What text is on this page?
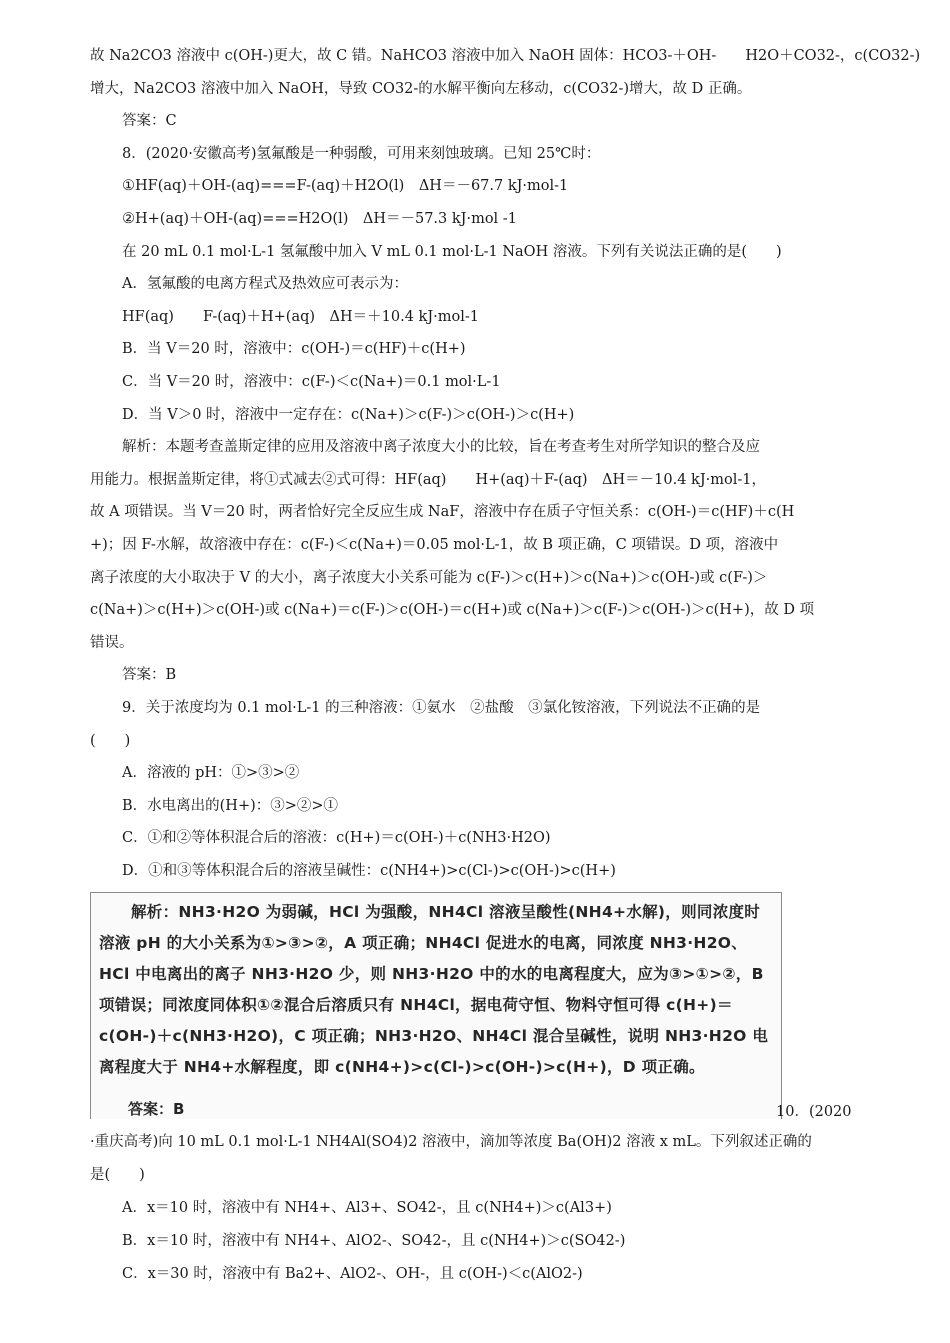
故 Na2CO3 溶液中 c(OH-)更大，故 C 错。NaHCO3 溶液中加入 NaOH 固体：HCO3-＋OH-　　H2O＋CO32-，c(CO32-)
增大，Na2CO3 溶液中加入 NaOH，导致 CO32-的水解平衡向左移动，c(CO32-)增大，故 D 正确。
答案：C
8．(2020·安徽高考)氢氟酸是一种弱酸，可用来刻蚀玻璃。已知 25℃时：
①HF(aq)＋OH-(aq)===F-(aq)＋H2O(l)　ΔH＝－67.7 kJ·mol-1
②H+(aq)＋OH-(aq)===H2O(l)　ΔH＝－57.3 kJ·mol -1
在 20 mL 0.1 mol·L-1 氢氟酸中加入 V mL 0.1 mol·L-1 NaOH 溶液。下列有关说法正确的是(　　)
A．氢氟酸的电离方程式及热效应可表示为：
HF(aq)　　F-(aq)＋H+(aq)　ΔH＝＋10.4 kJ·mol-1
B．当 V＝20 时，溶液中：c(OH-)＝c(HF)＋c(H+)
C．当 V＝20 时，溶液中：c(F-)＜c(Na+)＝0.1 mol·L-1
D．当 V＞0 时，溶液中一定存在：c(Na+)＞c(F-)＞c(OH-)＞c(H+)
解析：本题考查盖斯定律的应用及溶液中离子浓度大小的比较，旨在考查考生对所学知识的整合及应
用能力。根据盖斯定律，将①式减去②式可得：HF(aq)　　H+(aq)＋F-(aq)　ΔH＝－10.4 kJ·mol-1，
故 A 项错误。当 V＝20 时，两者恰好完全反应生成 NaF，溶液中存在质子守恒关系：c(OH-)＝c(HF)＋c(H
+)；因 F-水解，故溶液中存在：c(F-)＜c(Na+)＝0.05 mol·L-1，故 B 项正确，C 项错误。D 项，溶液中
离子浓度的大小取决于 V 的大小，离子浓度大小关系可能为 c(F-)＞c(H+)＞c(Na+)＞c(OH-)或 c(F-)＞
c(Na+)＞c(H+)＞c(OH-)或 c(Na+)＝c(F-)＞c(OH-)＝c(H+)或 c(Na+)＞c(F-)＞c(OH-)＞c(H+)，故 D 项
错误。
答案：B
9．关于浓度均为 0.1 mol·L-1 的三种溶液：①氨水　②盐酸　③氯化铵溶液，下列说法不正确的是
(　　)
A．溶液的 pH：①>③>②
B．水电离出的(H+)：③>②>①
C．①和②等体积混合后的溶液：c(H+)＝c(OH-)＋c(NH3·H2O)
D．①和③等体积混合后的溶液呈碱性：c(NH4+)>c(Cl-)>c(OH-)>c(H+)

解析：NH3·H2O 为弱碱，HCl 为强酸，NH4Cl 溶液呈酸性(NH4+水解)，则同浓度时溶液 pH 的大小关系为①>③>②，A 项正确；NH4Cl 促进水的电离，同浓度 NH3·H2O、HCl 中电离出的离子 NH3·H2O 少，则 NH3·H2O 中的水的电离程度大，应为③>①>②，B 项错误；同浓度同体积①②混合后溶质只有 NH4Cl，据电荷守恒、物料守恒可得 c(H+)＝c(OH-)＋c(NH3·H2O)，C 项正确；NH3·H2O、NH4Cl 混合呈碱性，说明 NH3·H2O 电离程度大于 NH4+水解程度，即 c(NH4+)>c(Cl-)>c(OH-)>c(H+)，D 项正确。

答案：B	10．(2020
·重庆高考)向 10 mL 0.1 mol·L-1 NH4Al(SO4)2 溶液中，滴加等浓度 Ba(OH)2 溶液 x mL。下列叙述正确的
是(　　)
A．x＝10 时，溶液中有 NH4+、Al3+、SO42-，且 c(NH4+)＞c(Al3+)
B．x＝10 时，溶液中有 NH4+、AlO2-、SO42-，且 c(NH4+)＞c(SO42-)
C．x＝30 时，溶液中有 Ba2+、AlO2-、OH-，且 c(OH-)＜c(AlO2-)
